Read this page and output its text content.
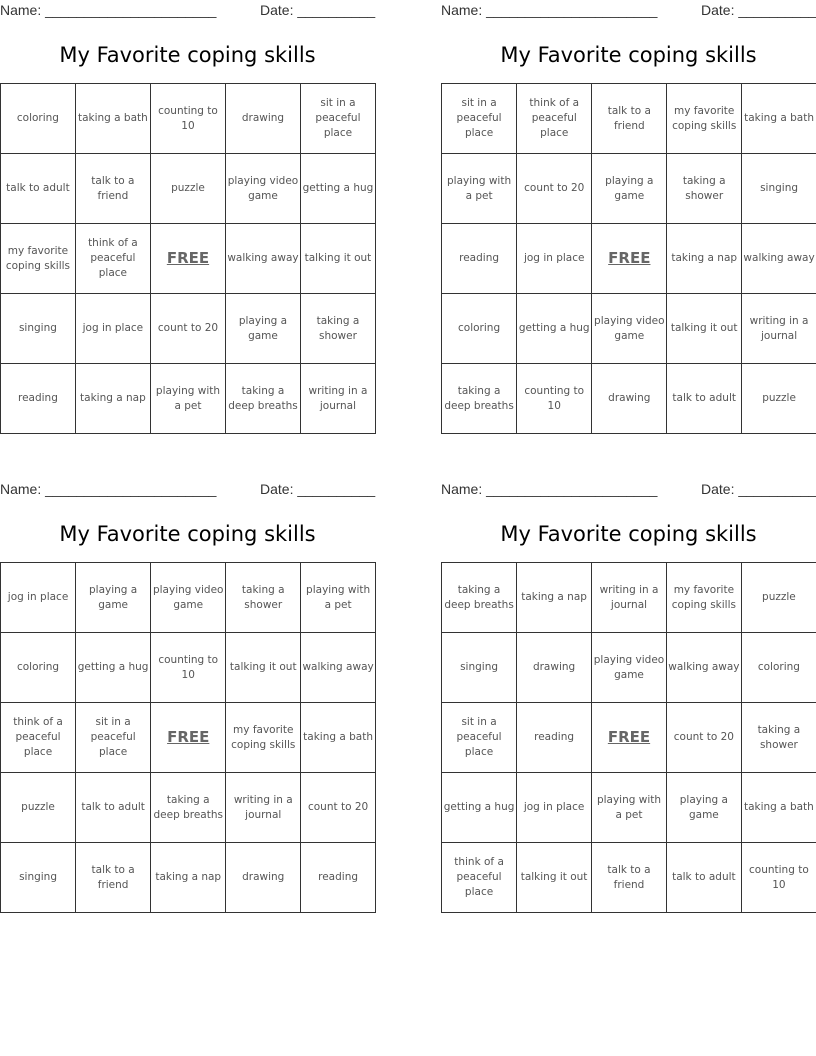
Name: ______________________	Date: __________
My Favorite coping skills
coloring	taking a bath	counting to 10	drawing	sit in a peaceful place
talk to adult	talk to a friend	puzzle	playing video game	getting a hug
my favorite coping skills	think of a peaceful place	FREE	walking away	talking it out
singing	jog in place	count to 20	playing a game	taking a shower
reading	taking a nap	playing with a pet	taking a deep breaths	writing in a journal
Name: ______________________	Date: __________
My Favorite coping skills
sit in a peaceful place	think of a peaceful place	talk to a friend	my favorite coping skills	taking a bath
playing with a pet	count to 20	playing a game	taking a shower	singing
reading	jog in place	FREE	taking a nap	walking away
coloring	getting a hug	playing video game	talking it out	writing in a journal
taking a deep breaths	counting to 10	drawing	talk to adult	puzzle
Name: ______________________	Date: __________
My Favorite coping skills
jog in place	playing a game	playing video game	taking a shower	playing with a pet
coloring	getting a hug	counting to 10	talking it out	walking away
think of a peaceful place	sit in a peaceful place	FREE	my favorite coping skills	taking a bath
puzzle	talk to adult	taking a deep breaths	writing in a journal	count to 20
singing	talk to a friend	taking a nap	drawing	reading
Name: ______________________	Date: __________
My Favorite coping skills
taking a deep breaths	taking a nap	writing in a journal	my favorite coping skills	puzzle
singing	drawing	playing video game	walking away	coloring
sit in a peaceful place	reading	FREE	count to 20	taking a shower
getting a hug	jog in place	playing with a pet	playing a game	taking a bath
think of a peaceful place	talking it out	talk to a friend	talk to adult	counting to 10
